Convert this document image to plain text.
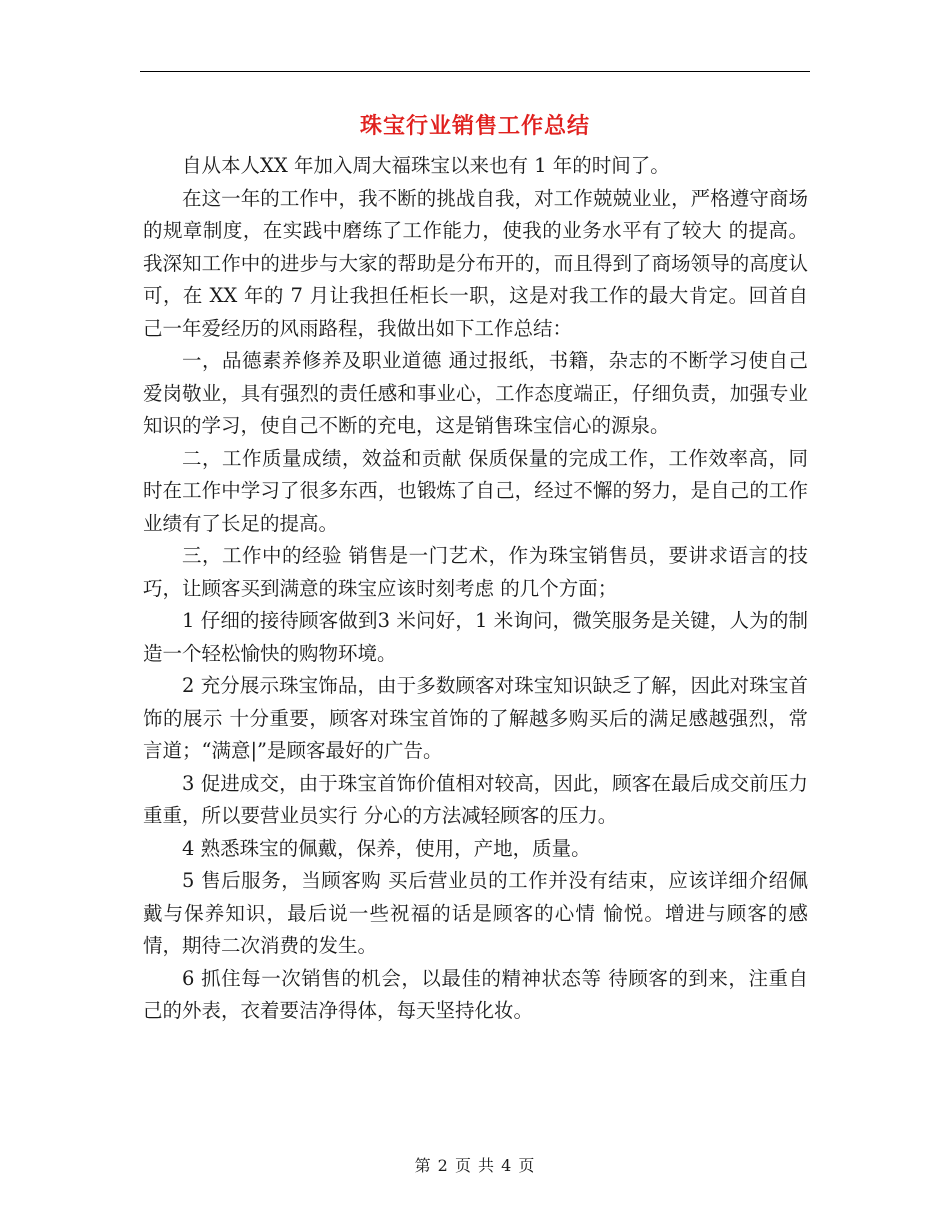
珠宝行业销售工作总结

自从本人XX 年加入周大福珠宝以来也有 1 年的时间了。

在这一年的工作中，我不断的挑战自我，对工作兢兢业业，严格遵守商场的规章制度，在实践中磨练了工作能力，使我的业务水平有了较大 的提高。我深知工作中的进步与大家的帮助是分布开的，而且得到了商场领导的高度认可，在 XX 年的 7 月让我担任柜长一职，这是对我工作的最大肯定。回首自己一年爱经历的风雨路程，我做出如下工作总结：

一，品德素养修养及职业道德 通过报纸，书籍，杂志的不断学习使自己爱岗敬业，具有强烈的责任感和事业心，工作态度端正，仔细负责，加强专业知识的学习，使自己不断的充电，这是销售珠宝信心的源泉。

二，工作质量成绩，效益和贡献 保质保量的完成工作，工作效率高，同时在工作中学习了很多东西，也锻炼了自己，经过不懈的努力，是自己的工作业绩有了长足的提高。

三，工作中的经验 销售是一门艺术，作为珠宝销售员，要讲求语言的技巧，让顾客买到满意的珠宝应该时刻考虑 的几个方面；

1 仔细的接待顾客做到3 米问好，1 米询问，微笑服务是关键，人为的制造一个轻松愉快的购物环境。

2 充分展示珠宝饰品，由于多数顾客对珠宝知识缺乏了解，因此对珠宝首饰的展示 十分重要，顾客对珠宝首饰的了解越多购买后的满足感越强烈，常言道；“满意|”是顾客最好的广告。

3 促进成交，由于珠宝首饰价值相对较高，因此，顾客在最后成交前压力重重，所以要营业员实行 分心的方法减轻顾客的压力。

4 熟悉珠宝的佩戴，保养，使用，产地，质量。

5 售后服务，当顾客购 买后营业员的工作并没有结束，应该详细介绍佩戴与保养知识，最后说一些祝福的话是顾客的心情 愉悦。增进与顾客的感情，期待二次消费的发生。

6 抓住每一次销售的机会，以最佳的精神状态等 待顾客的到来，注重自己的外表，衣着要洁净得体，每天坚持化妆。

第 2 页 共 4 页
